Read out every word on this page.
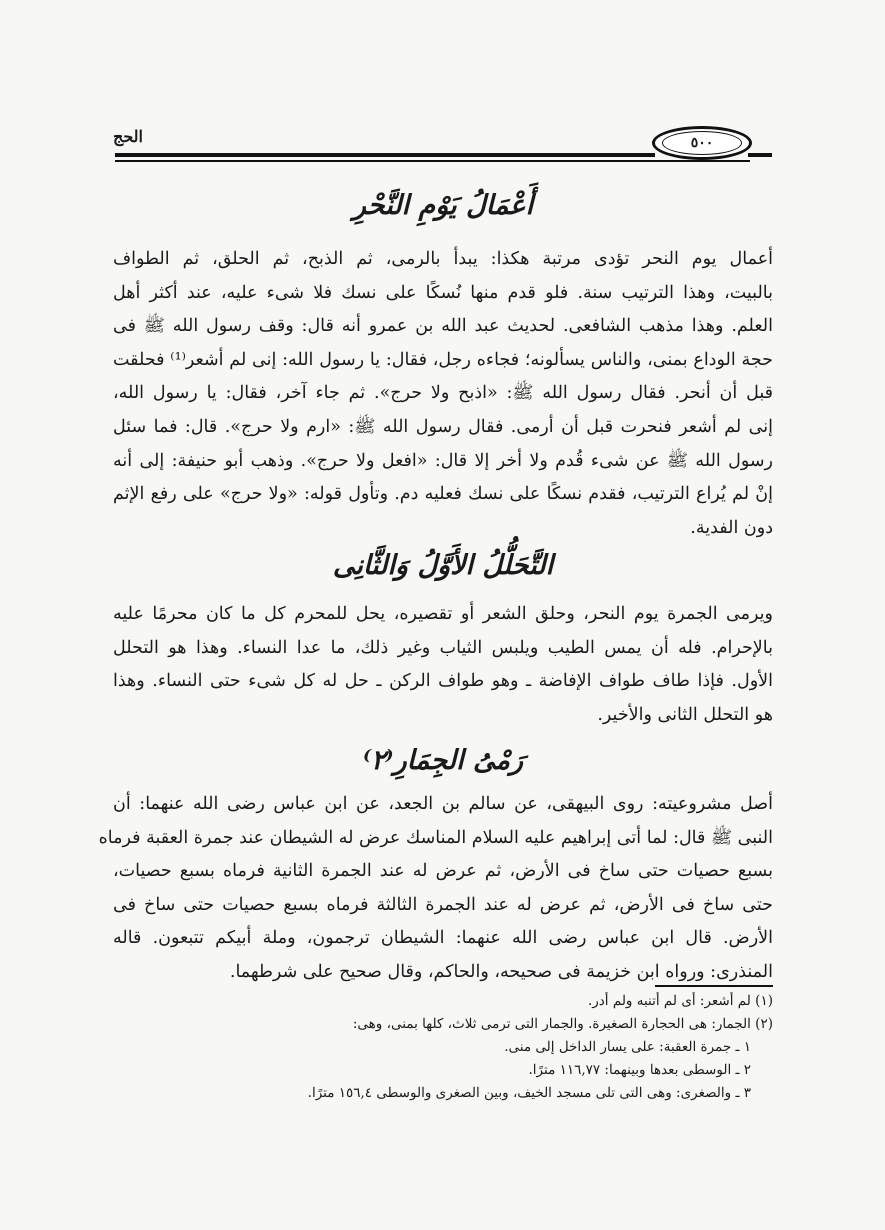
٥٠٠
الحج
أَعْمَالُ يَوْمِ النَّحْرِ
أعمال يوم النحر تؤدى مرتبة هكذا: يبدأ بالرمى، ثم الذبح، ثم الحلق، ثم الطواف
بالبيت، وهذا الترتيب سنة. فلو قدم منها نُسكًا على نسك فلا شىء عليه، عند أكثر أهل
العلم. وهذا مذهب الشافعى. لحديث عبد الله بن عمرو أنه قال: وقف رسول الله ﷺ فى
حجة الوداع بمنى، والناس يسألونه؛ فجاءه رجل، فقال: يا رسول الله: إنى لم أشعر⁽¹⁾ فحلقت
قبل أن أنحر. فقال رسول الله ﷺ: «اذبح ولا حرج». ثم جاء آخر، فقال: يا رسول الله،
إنى لم أشعر فنحرت قبل أن أرمى. فقال رسول الله ﷺ: «ارم ولا حرج». قال: فما سئل
رسول الله ﷺ عن شىء قُدم ولا أخر إلا قال: «افعل ولا حرج». وذهب أبو حنيفة: إلى أنه
إنْ لم يُراع الترتيب، فقدم نسكًا على نسك فعليه دم. وتأول قوله: «ولا حرج» على رفع الإثم
دون الفدية.
التَّحَلُّلُ الأَوَّلُ وَالثَّانِى
ويرمى الجمرة يوم النحر، وحلق الشعر أو تقصيره، يحل للمحرم كل ما كان محرمًا عليه
بالإحرام. فله أن يمس الطيب ويلبس الثياب وغير ذلك، ما عدا النساء. وهذا هو التحلل
الأول. فإذا طاف طواف الإفاضة ـ وهو طواف الركن ـ حل له كل شىء حتى النساء. وهذا
هو التحلل الثانى والأخير.
رَمْىُ الجِمَارِ⁽٢⁾
أصل مشروعيته: روى البيهقى، عن سالم بن الجعد، عن ابن عباس رضى الله عنهما: أن
النبى ﷺ قال: لما أتى إبراهيم عليه السلام المناسك عرض له الشيطان عند جمرة العقبة فرماه
بسبع حصيات حتى ساخ فى الأرض، ثم عرض له عند الجمرة الثانية فرماه بسبع حصيات،
حتى ساخ فى الأرض، ثم عرض له عند الجمرة الثالثة فرماه بسبع حصيات حتى ساخ فى
الأرض. قال ابن عباس رضى الله عنهما: الشيطان ترجمون، وملة أبيكم تتبعون. قاله
المنذرى: ورواه ابن خزيمة فى صحيحه، والحاكم، وقال صحيح على شرطهما.
(١) لم أشعر: أى لم أتنبه ولم أدر.
(٢) الجمار: هى الحجارة الصغيرة. والجمار التى ترمى ثلاث، كلها بمنى، وهى:
١ ـ جمرة العقبة: على يسار الداخل إلى منى.
٢ ـ الوسطى بعدها وبينهما: ١١٦,٧٧ مترًا.
٣ ـ والصغرى: وهى التى تلى مسجد الخيف، وبين الصغرى والوسطى ١٥٦,٤ مترًا.
